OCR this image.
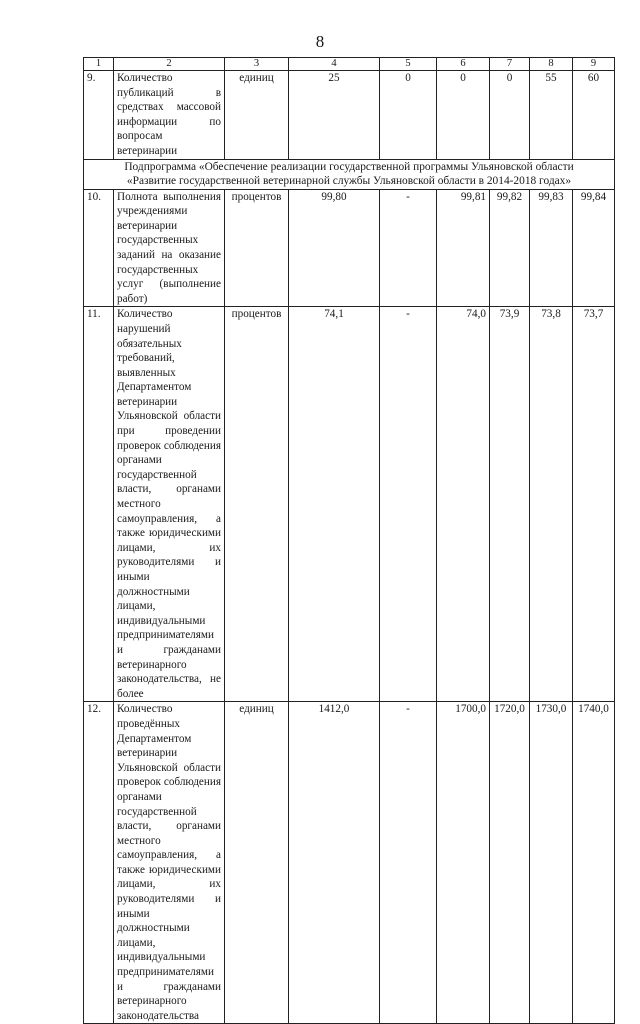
8
1	2	3	4	5	6	7	8	9
9.	Количество публикаций в средствах массовой информации по вопросам ветеринарии	единиц	25	0	0	0	55	60

Подпрограмма «Обеспечение реализации государственной программы Ульяновской области
«Развитие государственной ветеринарной службы Ульяновской области в 2014-2018 годах»								

10.	Полнота выполнения учреждениями ветеринарии государственных заданий на оказание государственных услуг (выполнение работ)	процентов	99,80	-	99,81	99,82	99,83	99,84
11.	Количество нарушений обязательных требований, выявленных Департаментом ветеринарии Ульяновской области при проведении проверок соблюдения органами государственной власти, органами местного самоуправления, а также юридическими лицами, их руководителями и иными должностными лицами, индивидуальными предпринимателями и гражданами ветеринарного законодательства, не более	процентов	74,1	-	74,0	73,9	73,8	73,7
12.	Количество проведённых Департаментом ветеринарии Ульяновской области проверок соблюдения органами государственной власти, органами местного самоуправления, а также юридическими лицами, их руководителями и иными должностными лицами, индивидуальными предпринимателями и гражданами ветеринарного законодательства	единиц	1412,0	-	1700,0	1720,0	1730,0	1740,0
